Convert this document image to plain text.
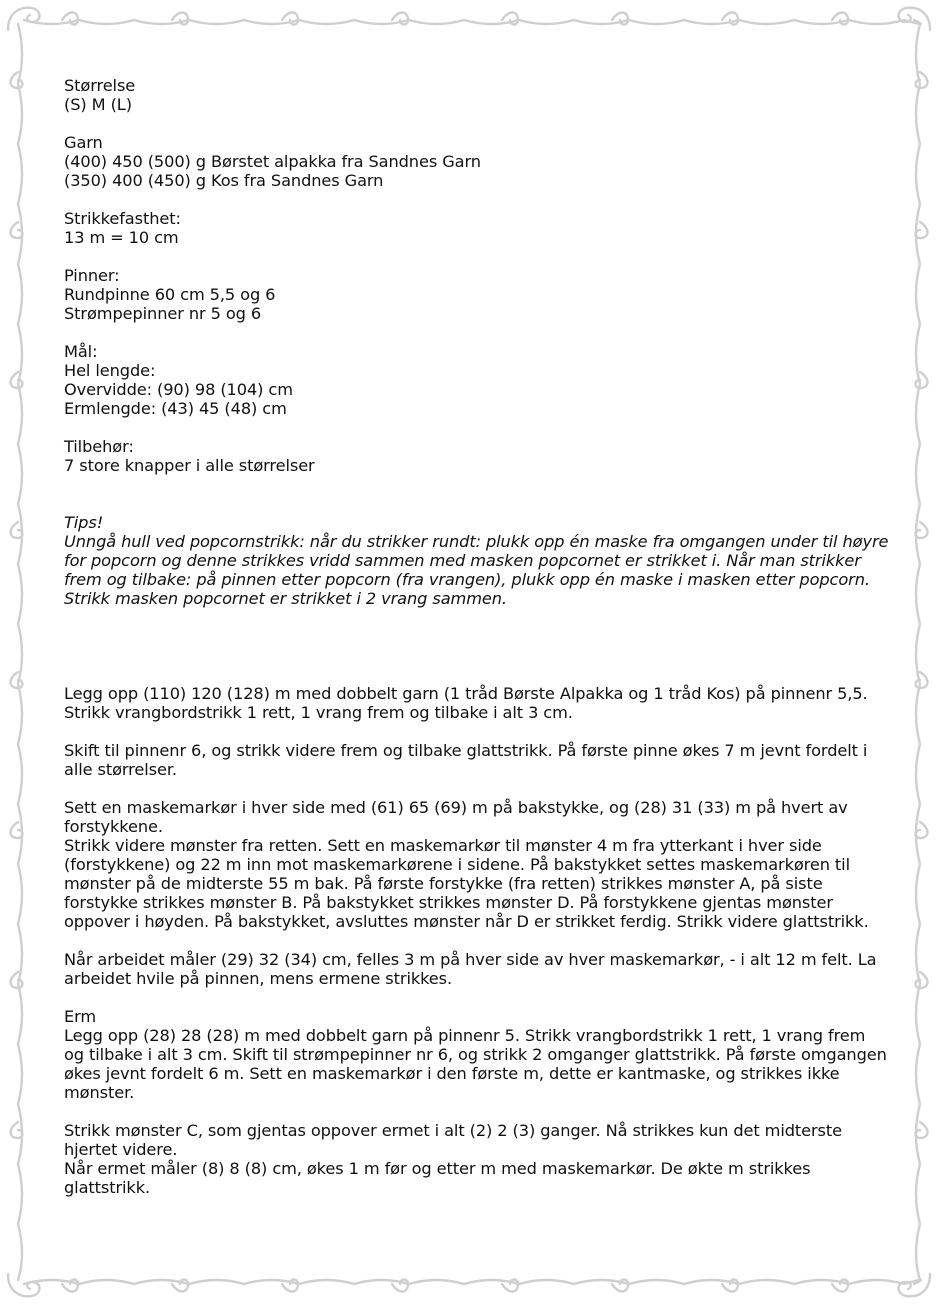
Størrelse

(S) M (L)

Garn

(400) 450 (500) g Børstet alpakka fra Sandnes Garn

(350) 400 (450) g Kos fra Sandnes Garn

Strikkefasthet:

13 m = 10 cm

Pinner:

Rundpinne 60 cm 5,5 og 6

Strømpepinner nr 5 og 6

Mål:

Hel lengde:

Overvidde: (90) 98 (104) cm

Ermlengde: (43) 45 (48) cm

Tilbehør:

7 store knapper i alle størrelser

Tips!

Unngå hull ved popcornstrikk: når du strikker rundt: plukk opp én maske fra omgangen under til høyre for popcorn og denne strikkes vridd sammen med masken popcornet er strikket i. Når man strikker frem og tilbake: på pinnen etter popcorn (fra vrangen), plukk opp én maske i masken etter popcorn. Strikk masken popcornet er strikket i 2 vrang sammen.

Legg opp (110) 120 (128) m med dobbelt garn (1 tråd Børste Alpakka og 1 tråd Kos) på pinnenr 5,5. Strikk vrangbordstrikk 1 rett, 1 vrang frem og tilbake i alt 3 cm.

Skift til pinnenr 6, og strikk videre frem og tilbake glattstrikk. På første pinne økes 7 m jevnt fordelt i alle størrelser.

Sett en maskemarkør i hver side med (61) 65 (69) m på bakstykke, og (28) 31 (33) m på hvert av forstykkene.

Strikk videre mønster fra retten. Sett en maskemarkør til mønster 4 m fra ytterkant i hver side (forstykkene) og 22 m inn mot maskemarkørene i sidene. På bakstykket settes maskemarkøren til mønster på de midterste 55 m bak. På første forstykke (fra retten) strikkes mønster A, på siste forstykke strikkes mønster B. På bakstykket strikkes mønster D. På forstykkene gjentas mønster oppover i høyden. På bakstykket, avsluttes mønster når D er strikket ferdig. Strikk videre glattstrikk.

Når arbeidet måler (29) 32 (34) cm, felles 3 m på hver side av hver maskemarkør, - i alt 12 m felt. La arbeidet hvile på pinnen, mens ermene strikkes.

Erm

Legg opp (28) 28 (28) m med dobbelt garn på pinnenr 5. Strikk vrangbordstrikk 1 rett, 1 vrang frem og tilbake i alt 3 cm. Skift til strømpepinner nr 6, og strikk 2 omganger glattstrikk. På første omgangen økes jevnt fordelt 6 m. Sett en maskemarkør i den første m, dette er kantmaske, og strikkes ikke mønster.

Strikk mønster C, som gjentas oppover ermet i alt (2) 2 (3) ganger. Nå strikkes kun det midterste hjertet videre.

Når ermet måler (8) 8 (8) cm, økes 1 m før og etter m med maskemarkør. De økte m strikkes glattstrikk.
